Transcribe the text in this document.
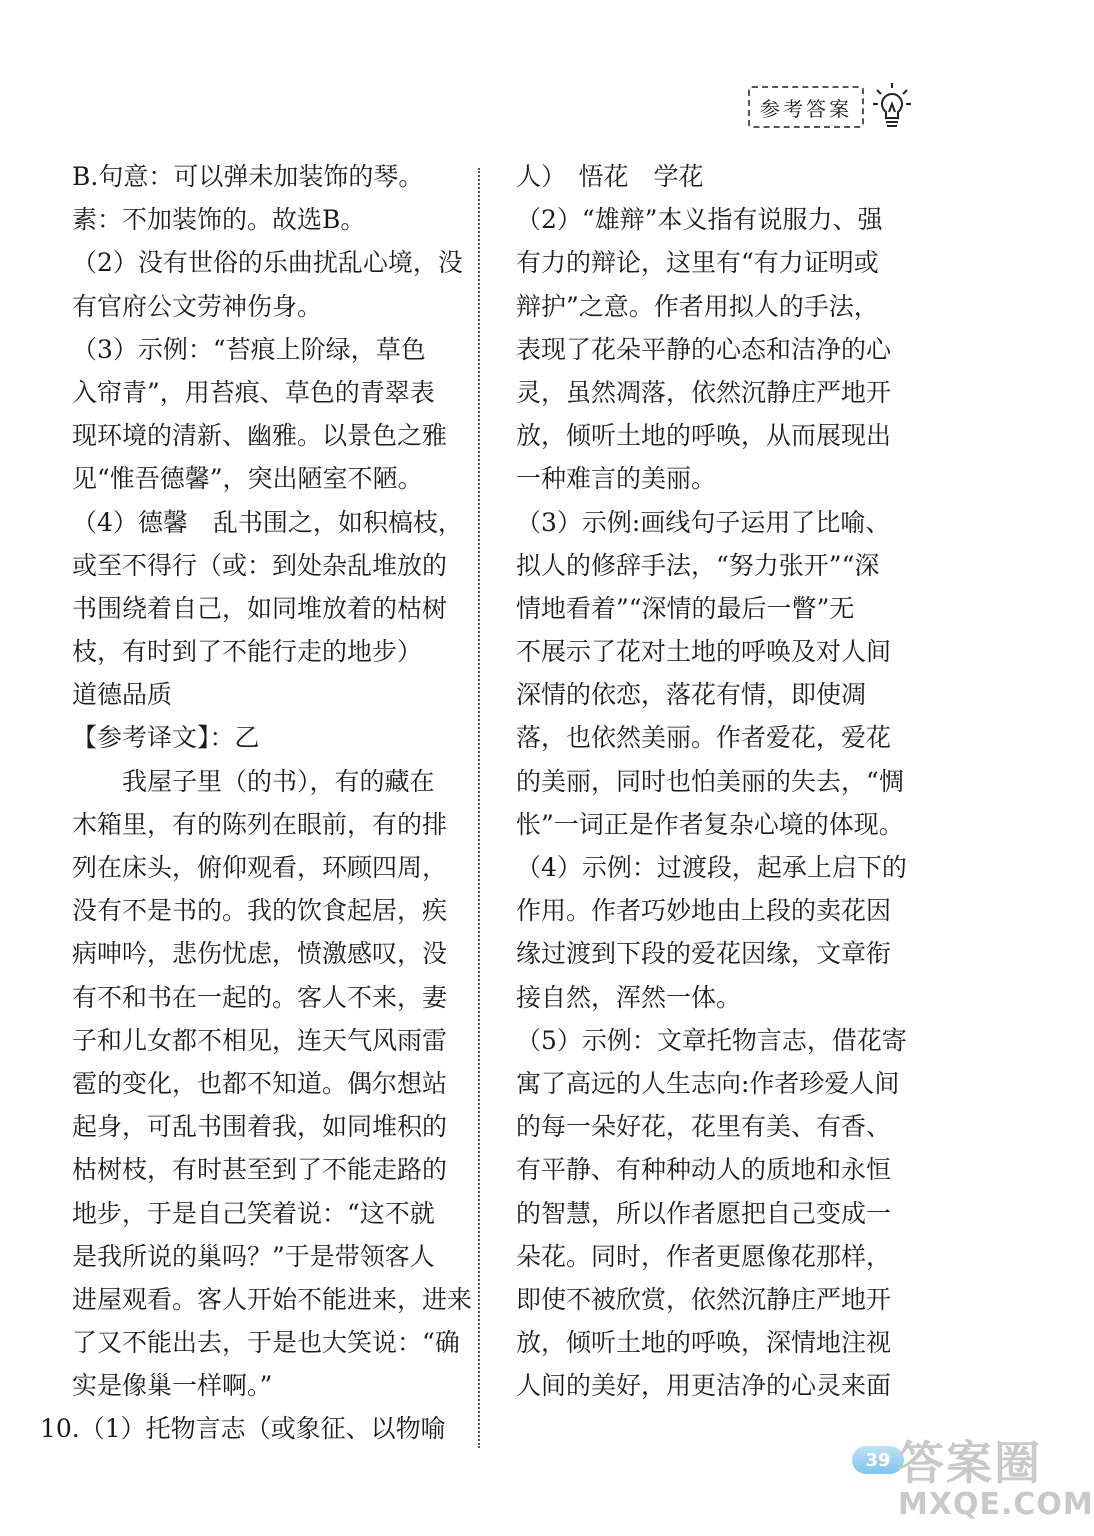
参考答案
B.句意：可以弹未加装饰的琴。
素：不加装饰的。故选B。
（2）没有世俗的乐曲扰乱心境，没
有官府公文劳神伤身。
（3）示例：“苔痕上阶绿，草色
入帘青”，用苔痕、草色的青翠表
现环境的清新、幽雅。以景色之雅
见“惟吾德馨”，突出陋室不陋。
（4）德馨　乱书围之，如积槁枝，
或至不得行（或：到处杂乱堆放的
书围绕着自己，如同堆放着的枯树
枝，有时到了不能行走的地步）
道德品质
【参考译文】：乙
我屋子里（的书），有的藏在
木箱里，有的陈列在眼前，有的排
列在床头，俯仰观看，环顾四周，
没有不是书的。我的饮食起居，疾
病呻吟，悲伤忧虑，愤激感叹，没
有不和书在一起的。客人不来，妻
子和儿女都不相见，连天气风雨雷
雹的变化，也都不知道。偶尔想站
起身，可乱书围着我，如同堆积的
枯树枝，有时甚至到了不能走路的
地步，于是自己笑着说：“这不就
是我所说的巢吗？”于是带领客人
进屋观看。客人开始不能进来，进来
了又不能出去，于是也大笑说：“确
实是像巢一样啊。”
10.（1）托物言志（或象征、以物喻
人）　悟花　学花
（2）“雄辩”本义指有说服力、强
有力的辩论，这里有“有力证明或
辩护”之意。作者用拟人的手法，
表现了花朵平静的心态和洁净的心
灵，虽然凋落，依然沉静庄严地开
放，倾听土地的呼唤，从而展现出
一种难言的美丽。
（3）示例:画线句子运用了比喻、
拟人的修辞手法，“努力张开”“深
情地看着”“深情的最后一瞥”无
不展示了花对土地的呼唤及对人间
深情的依恋，落花有情，即使凋
落，也依然美丽。作者爱花，爱花
的美丽，同时也怕美丽的失去，“惆
怅”一词正是作者复杂心境的体现。
（4）示例：过渡段，起承上启下的
作用。作者巧妙地由上段的卖花因
缘过渡到下段的爱花因缘，文章衔
接自然，浑然一体。
（5）示例：文章托物言志，借花寄
寓了高远的人生志向:作者珍爱人间
的每一朵好花，花里有美、有香、
有平静、有种种动人的质地和永恒
的智慧，所以作者愿把自己变成一
朵花。同时，作者更愿像花那样，
即使不被欣赏，依然沉静庄严地开
放，倾听土地的呼唤，深情地注视
人间的美好，用更洁净的心灵来面
39 答案圈
MXQE.COM
